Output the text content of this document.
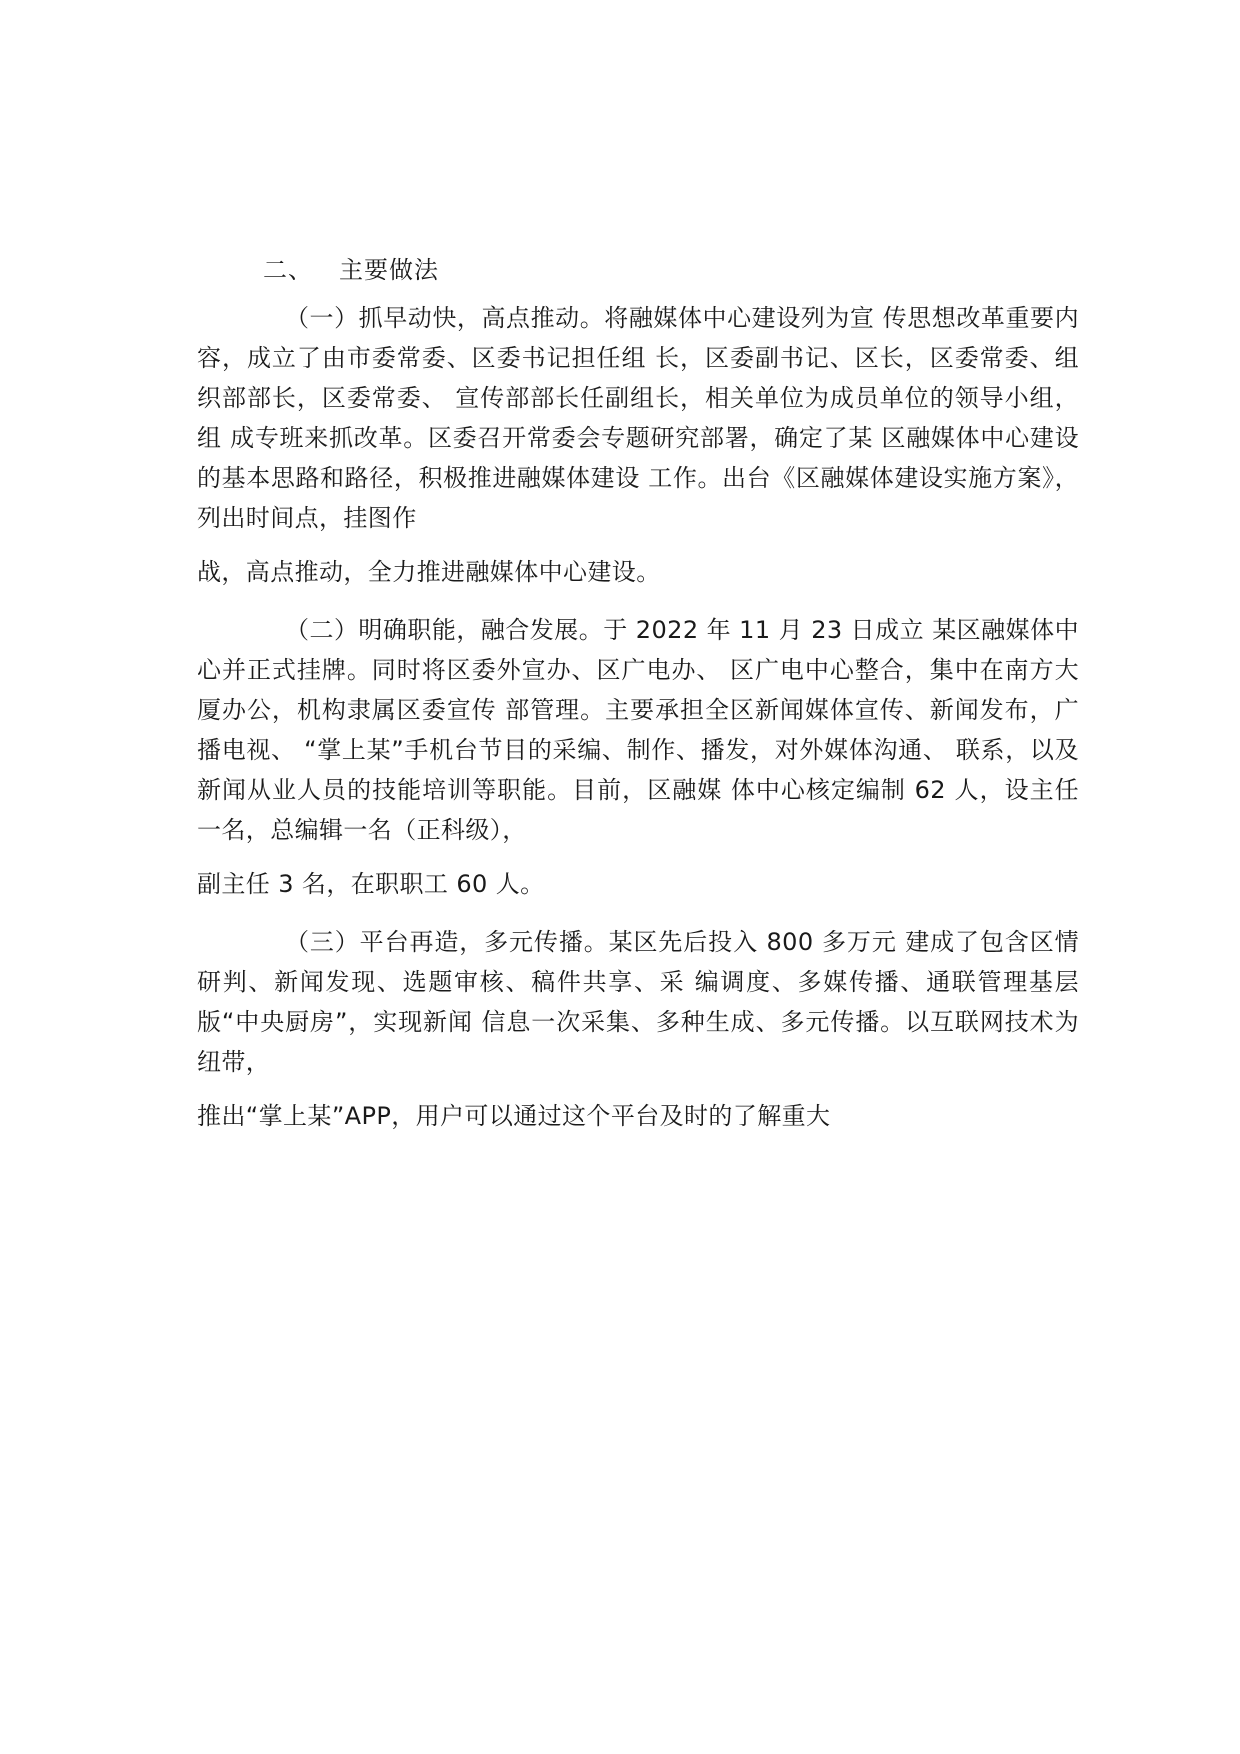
二、 主要做法

（一）抓早动快，高点推动。将融媒体中心建设列为宣 传思想改革重要内容，成立了由市委常委、区委书记担任组 长，区委副书记、区长，区委常委、组织部部长，区委常委、 宣传部部长任副组长，相关单位为成员单位的领导小组，组 成专班来抓改革。区委召开常委会专题研究部署，确定了某 区融媒体中心建设的基本思路和路径，积极推进融媒体建设 工作。出台《区融媒体建设实施方案》，列出时间点，挂图作

战，高点推动，全力推进融媒体中心建设。

（二）明确职能，融合发展。于 2022 年 11 月 23 日成立 某区融媒体中心并正式挂牌。同时将区委外宣办、区广电办、 区广电中心整合，集中在南方大厦办公，机构隶属区委宣传 部管理。主要承担全区新闻媒体宣传、新闻发布，广播电视、 “掌上某”手机台节目的采编、制作、播发，对外媒体沟通、 联系，以及新闻从业人员的技能培训等职能。目前，区融媒 体中心核定编制 62 人，设主任一名，总编辑一名（正科级），

副主任 3 名，在职职工 60 人。

（三）平台再造，多元传播。某区先后投入 800 多万元 建成了包含区情研判、新闻发现、选题审核、稿件共享、采 编调度、多媒传播、通联管理基层版“中央厨房”，实现新闻 信息一次采集、多种生成、多元传播。以互联网技术为纽带，

推出“掌上某”APP，用户可以通过这个平台及时的了解重大
